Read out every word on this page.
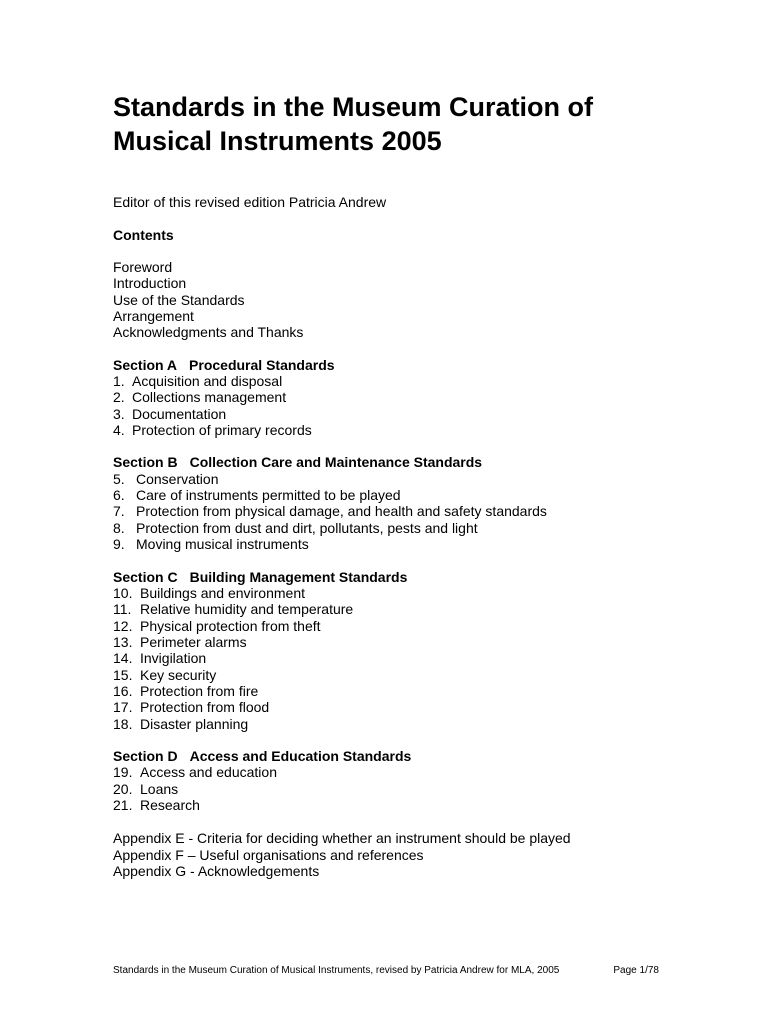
Standards in the Museum Curation of
Musical Instruments 2005
Editor of this revised edition Patricia Andrew
Contents
Foreword
Introduction
Use of the Standards
Arrangement
Acknowledgments and Thanks
Section A Procedural Standards
1. Acquisition and disposal
2. Collections management
3. Documentation
4. Protection of primary records
Section B Collection Care and Maintenance Standards
5. Conservation
6. Care of instruments permitted to be played
7. Protection from physical damage, and health and safety standards
8. Protection from dust and dirt, pollutants, pests and light
9. Moving musical instruments
Section C Building Management Standards
10. Buildings and environment
11. Relative humidity and temperature
12. Physical protection from theft
13. Perimeter alarms
14. Invigilation
15. Key security
16. Protection from fire
17. Protection from flood
18. Disaster planning
Section D Access and Education Standards
19. Access and education
20. Loans
21. Research
Appendix E - Criteria for deciding whether an instrument should be played
Appendix F – Useful organisations and references
Appendix G - Acknowledgements
Standards in the Museum Curation of Musical Instruments, revised by Patricia Andrew for MLA, 2005	Page 1/78
